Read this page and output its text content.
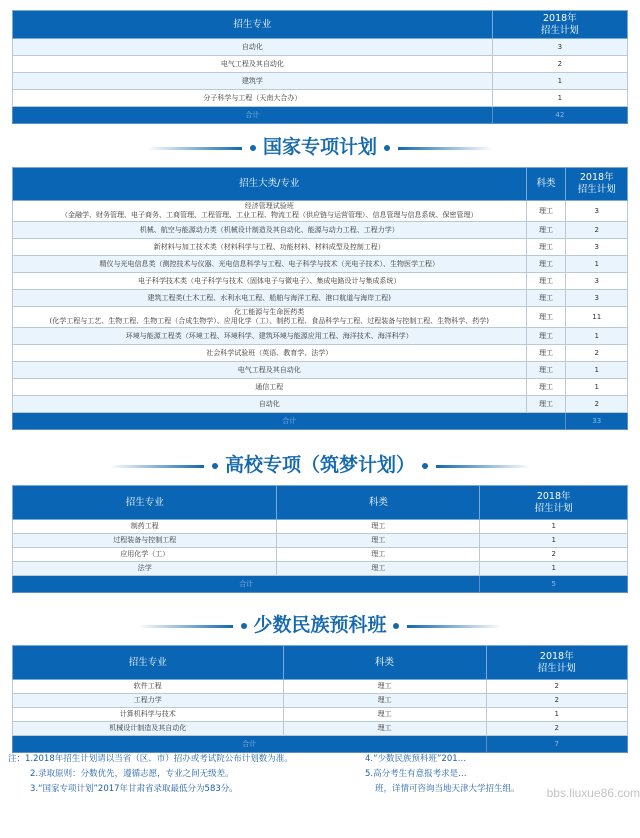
招生专业	2018年
招生计划
自动化	3
电气工程及其自动化	2
建筑学	1
分子科学与工程（天南大合办）	1
合计	42
国家专项计划
招生大类/专业	科类	2018年
招生计划
经济管理试验班
（金融学、财务管理、电子商务、工商管理、工程管理、工业工程、物流工程（供应链与运营管理）、信息管理与信息系统、保密管理）	理工	3
机械、航空与能源动力类（机械设计制造及其自动化、能源与动力工程、工程力学）	理工	2
新材料与加工技术类（材料科学与工程、功能材料、材料成型及控制工程）	理工	3
精仪与光电信息类（测控技术与仪器、光电信息科学与工程、电子科学与技术（光电子技术）、生物医学工程）	理工	1
电子科学技术类（电子科学与技术（固体电子与微电子）、集成电路设计与集成系统）	理工	3
建筑工程类(土木工程、水利水电工程、船舶与海洋工程、港口航道与海岸工程)	理工	3
化工能源与生命医药类
(化学工程与工艺、生物工程、生物工程（合成生物学）、应用化学（工）、制药工程、食品科学与工程、过程装备与控制工程、生物科学、药学)	理工	11
环境与能源工程类（环境工程、环境科学、建筑环境与能源应用工程、海洋技术、海洋科学）	理工	1
社会科学试验班（英语、教育学、法学）	理工	2
电气工程及其自动化	理工	1
通信工程	理工	1
自动化	理工	2
合计		33
高校专项（筑梦计划）
招生专业	科类	2018年
招生计划
制药工程	理工	1
过程装备与控制工程	理工	1
应用化学（工）	理工	2
法学	理工	1
合计		5
少数民族预科班
招生专业	科类	2018年
招生计划
软件工程	理工	2
工程力学	理工	2
计算机科学与技术	理工	1
机械设计制造及其自动化	理工	2
合计		7
注：1.2018年招生计划请以当省（区、市）招办或考试院公布计划数为准。
2.录取原则：分数优先，遵循志愿，专业之间无级差。
3.“国家专项计划”2017年甘肃省录取最低分为583分。
4.“少数民族预科班”201…
5.高分考生有意报考求是…
班，详情可咨询当地天津大学招生组。	bbs.liuxue86.com
